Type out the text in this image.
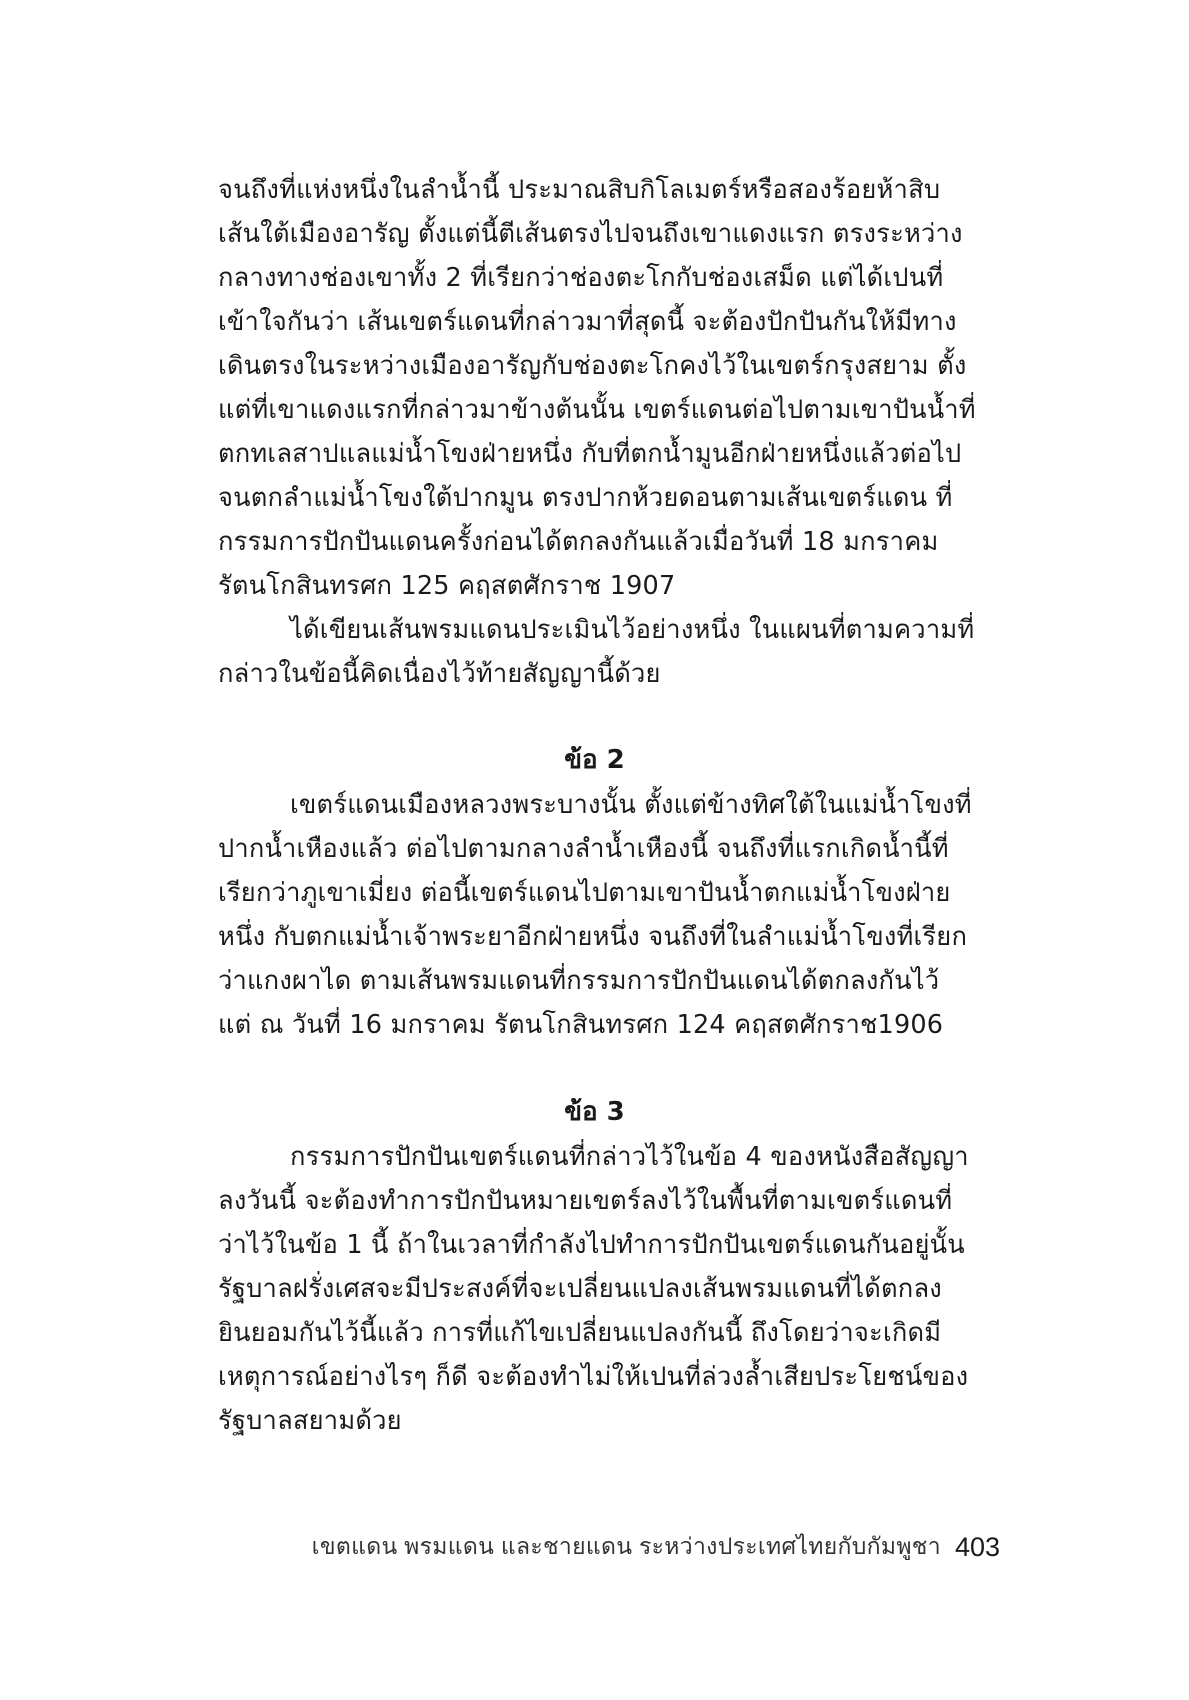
จนถึงที่แห่งหนึ่งในลำน้ำนี้ ประมาณสิบกิโลเมตร์หรือสองร้อยห้าสิบ
เส้นใต้เมืองอารัญ ตั้งแต่นี้ตีเส้นตรงไปจนถึงเขาแดงแรก ตรงระหว่าง
กลางทางช่องเขาทั้ง 2 ที่เรียกว่าช่องตะโกกับช่องเสม็ด แต่ได้เปนที่
เข้าใจกันว่า เส้นเขตร์แดนที่กล่าวมาที่สุดนี้ จะต้องปักปันกันให้มีทาง
เดินตรงในระหว่างเมืองอารัญกับช่องตะโกคงไว้ในเขตร์กรุงสยาม ตั้ง
แต่ที่เขาแดงแรกที่กล่าวมาข้างต้นนั้น เขตร์แดนต่อไปตามเขาปันน้ำที่
ตกทเลสาปแลแม่น้ำโขงฝ่ายหนึ่ง กับที่ตกน้ำมูนอีกฝ่ายหนึ่งแล้วต่อไป
จนตกลำแม่น้ำโขงใต้ปากมูน ตรงปากห้วยดอนตามเส้นเขตร์แดน ที่
กรรมการปักปันแดนครั้งก่อนได้ตกลงกันแล้วเมื่อวันที่ 18 มกราคม
รัตนโกสินทรศก 125 คฤสตศักราช 1907
ได้เขียนเส้นพรมแดนประเมินไว้อย่างหนึ่ง ในแผนที่ตามความที่
กล่าวในข้อนี้คิดเนื่องไว้ท้ายสัญญานี้ด้วย
ข้อ 2
เขตร์แดนเมืองหลวงพระบางนั้น ตั้งแต่ข้างทิศใต้ในแม่น้ำโขงที่
ปากน้ำเหืองแล้ว ต่อไปตามกลางลำน้ำเหืองนี้ จนถึงที่แรกเกิดน้ำนี้ที่
เรียกว่าภูเขาเมี่ยง ต่อนี้เขตร์แดนไปตามเขาปันน้ำตกแม่น้ำโขงฝ่าย
หนึ่ง กับตกแม่น้ำเจ้าพระยาอีกฝ่ายหนึ่ง จนถึงที่ในลำแม่น้ำโขงที่เรียก
ว่าแกงผาได ตามเส้นพรมแดนที่กรรมการปักปันแดนได้ตกลงกันไว้
แต่ ณ วันที่ 16 มกราคม รัตนโกสินทรศก 124 คฤสตศักราช1906
ข้อ 3
กรรมการปักปันเขตร์แดนที่กล่าวไว้ในข้อ 4 ของหนังสือสัญญา
ลงวันนี้ จะต้องทำการปักปันหมายเขตร์ลงไว้ในพื้นที่ตามเขตร์แดนที่
ว่าไว้ในข้อ 1 นี้ ถ้าในเวลาที่กำลังไปทำการปักปันเขตร์แดนกันอยู่นั้น
รัฐบาลฝรั่งเศสจะมีประสงค์ที่จะเปลี่ยนแปลงเส้นพรมแดนที่ได้ตกลง
ยินยอมกันไว้นี้แล้ว การที่แก้ไขเปลี่ยนแปลงกันนี้ ถึงโดยว่าจะเกิดมี
เหตุการณ์อย่างไรๆ ก็ดี จะต้องทำไม่ให้เปนที่ล่วงล้ำเสียประโยชน์ของ
รัฐบาลสยามด้วย
เขตแดน พรมแดน และชายแดน ระหว่างประเทศไทยกับกัมพูชา 403
